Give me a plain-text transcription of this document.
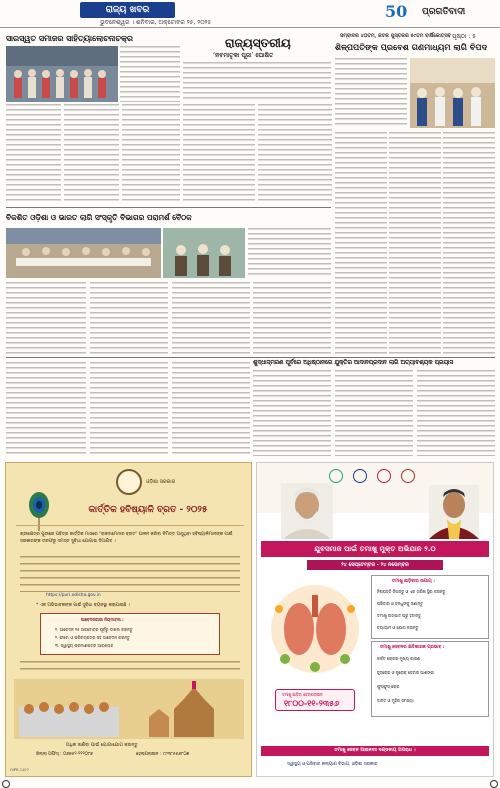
ରାଜ୍ୟ ଖବର
ଭୁବନେଶ୍ୱର । ଶନିବାର, ଅକ୍ଟୋବର ୨୫, ୨୦୨୫
50	ପ୍ରଗତିବାଦୀ
ପୃଷ୍ଠା : ୫
ସାରସ୍ୱତ ସମାଜର ସାହିତ୍ୟାଲୋଚନାଚକ୍ର	ରାଜ୍ୟସ୍ତରୀୟ
‘ନବମାତୃକା ପୂଜା’ ଘୋଷିତ
ସମ୍ବାଦର ୪୦ତମ, କଟକ ପୁସ୍ତକର ୫୯ତମ ବାର୍ଷିକୋତ୍ସବ
ଶିଳ୍ପପତିଙ୍କ ପ୍ରବେଶ ଗଣମାଧ୍ୟମ ଲାଗି ବିପଦ
ବିକଶିତ ଓଡ଼ିଶା ଓ ଭାରତ ଲାଗି ସଂସ୍କୃତି ବିଭାଗର ପରାମର୍ଶ ବୈଠକ
ଶୁଦ୍ଧାସ୍ମରଣ ପୂର୍ବରେ ଅଧିଷ୍ଠାନରେ ଯୁକ୍ତିର ଆଦାନପ୍ରଦାନ ଲାଗି ଅତ୍ୟାବଶ୍ୟକ ପ୍ରୟାସ
ଓଡ଼ିଶା ସରକାର
କାର୍ତ୍ତିକ ହବିଷ୍ୟାଳି ବ୍ରତ - ୨୦୨୫
ଶ୍ରୀକ୍ଷେତ୍ର ପୁରୀରେ ପବିତ୍ର କାର୍ତ୍ତିକ ମାସରେ "ରାଜଦାମୋଦର ବ୍ରତ" ପାଳନ କରିବା ନିମିତ୍ତ ଆସୁଥିବା ହବିଷ୍ୟାଳିମାନଙ୍କ ପାଇଁ ସରକାରଙ୍କ ତରଫରୁ ସମସ୍ତ ସୁବିଧା ଯୋଗାଇ ଦିଆଯିବ ।
https://puri.odisha.gov.in
* ଏକ ଅଭିଭାବକଙ୍କ ପାଇଁ ସୁବିଧା ବ୍ୟବସ୍ଥା କରାଯାଇଛି ।
ଆବେଦନକାରୀ ନିୟମାବଳୀ :
୧. ଆବେଦନ ୧୫ ଅକ୍ଟୋବର ପୂର୍ବରୁ ଦାଖଲ କରନ୍ତୁ
୨. ଫଟୋ ଓ ପରିଚୟପତ୍ର ସହ ଆବେଦନ କରନ୍ତୁ
୩. ସ୍ୱାସ୍ଥ୍ୟ ପ୍ରମାଣପତ୍ର ଆବଶ୍ୟକ
ଅଧିକ ଜାଣିବା ପାଇଁ ଯୋଗାଯୋଗ କରନ୍ତୁ
ଜିଲ୍ଲା ଅଫିସ୍ : ୦୬୭୫୨-୨୨୨୦୮୭	ହେଲ୍ପଲାଇନ : ୯୯୩୮୫୫୬୮୦୭
OIPR-1107
ଯୁବସମାଜ ପାଇଁ ତମାଖୁ ମୁକ୍ତ ଅଭିଯାନ ୨.୦
୨୪ ସେପ୍ଟେମ୍ବର - ୨୪ ନଭେମ୍ବର
ତମାଖୁ ଛାଡ଼ିବା ହେଲ୍ପଲାଇନ
୧୮୦୦-୧୧-୨୩୫୬
ତମାଖୁ ଛାଡ଼ିବାର ଉପାୟ :
ନିଷ୍ପତ୍ତି ନିଅନ୍ତୁ ଓ ଏକ ତାରିଖ ସ୍ଥିର କରନ୍ତୁ
ପରିବାର ଓ ବନ୍ଧୁଙ୍କୁ ଜଣାନ୍ତୁ
ତମାଖୁ ଉତ୍ପାଦ ଘରୁ ହଟାନ୍ତୁ
ବ୍ୟାୟାମ ଓ ଯୋଗ କରନ୍ତୁ
ତମାଖୁ ସେବନର କ୍ଷତିକାରକ ପ୍ରଭାବ :
କର୍କଟ ରୋଗର ମୁଖ୍ୟ କାରଣ
ହୃଦ୍‌ରୋଗ ଓ ଷ୍ଟ୍ରୋକ୍ ହେବାର ଆଶଙ୍କା
ଫୁସ୍‌ଫୁସ୍ ରୋଗ
ଦାନ୍ତ ଓ ମୁହଁର ସମସ୍ୟା
ତମାଖୁ ସେବନ ଆଇନତଃ ଦଣ୍ଡନୀୟ ଅପରାଧ ।
ସ୍ୱାସ୍ଥ୍ୟ ଓ ପରିବାର କଲ୍ୟାଣ ବିଭାଗ, ଓଡ଼ିଶା ସରକାର
